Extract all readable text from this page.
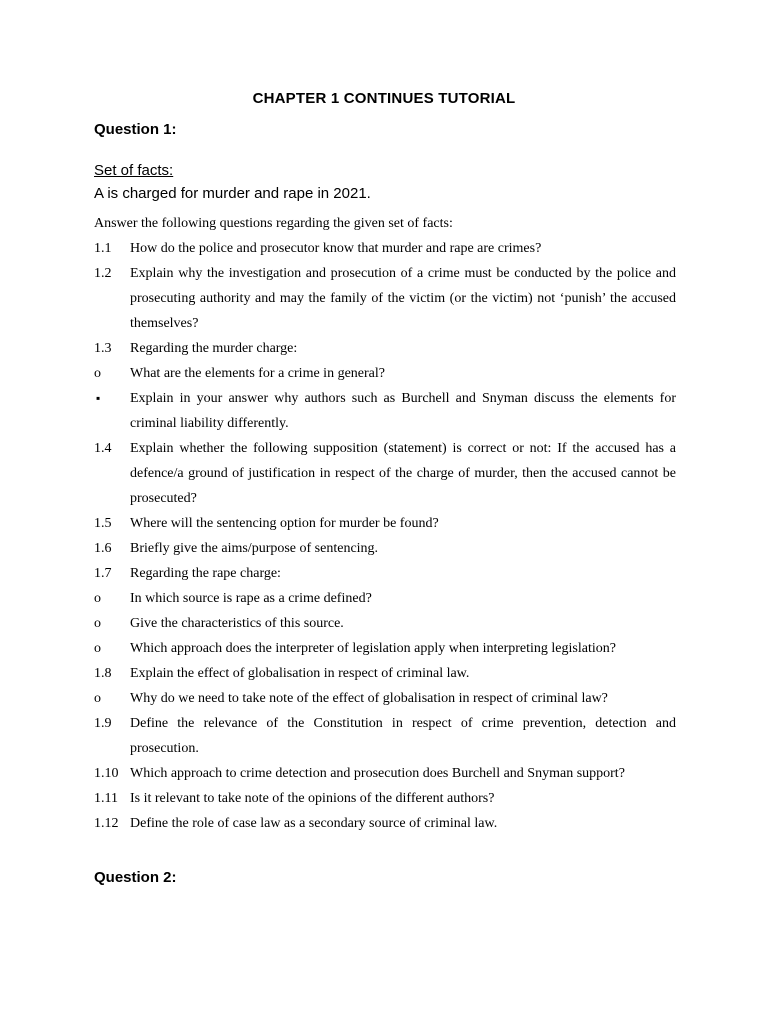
CHAPTER 1 CONTINUES TUTORIAL
Question 1:
Set of facts:
A is charged for murder and rape in 2021.
Answer the following questions regarding the given set of facts:
1.1	How do the police and prosecutor know that murder and rape are crimes?
1.2	Explain why the investigation and prosecution of a crime must be conducted by the police and prosecuting authority and may the family of the victim (or the victim) not ‘punish’ the accused themselves?
1.3	Regarding the murder charge:
o	What are the elements for a crime in general?
▪	Explain in your answer why authors such as Burchell and Snyman discuss the elements for criminal liability differently.
1.4	Explain whether the following supposition (statement) is correct or not: If the accused has a defence/a ground of justification in respect of the charge of murder, then the accused cannot be prosecuted?
1.5	Where will the sentencing option for murder be found?
1.6	Briefly give the aims/purpose of sentencing.
1.7	Regarding the rape charge:
o	In which source is rape as a crime defined?
o	Give the characteristics of this source.
o	Which approach does the interpreter of legislation apply when interpreting legislation?
1.8	Explain the effect of globalisation in respect of criminal law.
o	Why do we need to take note of the effect of globalisation in respect of criminal law?
1.9	Define the relevance of the Constitution in respect of crime prevention, detection and prosecution.
1.10 Which approach to crime detection and prosecution does Burchell and Snyman support?
1.11 Is it relevant to take note of the opinions of the different authors?
1.12 Define the role of case law as a secondary source of criminal law.
Question 2:
